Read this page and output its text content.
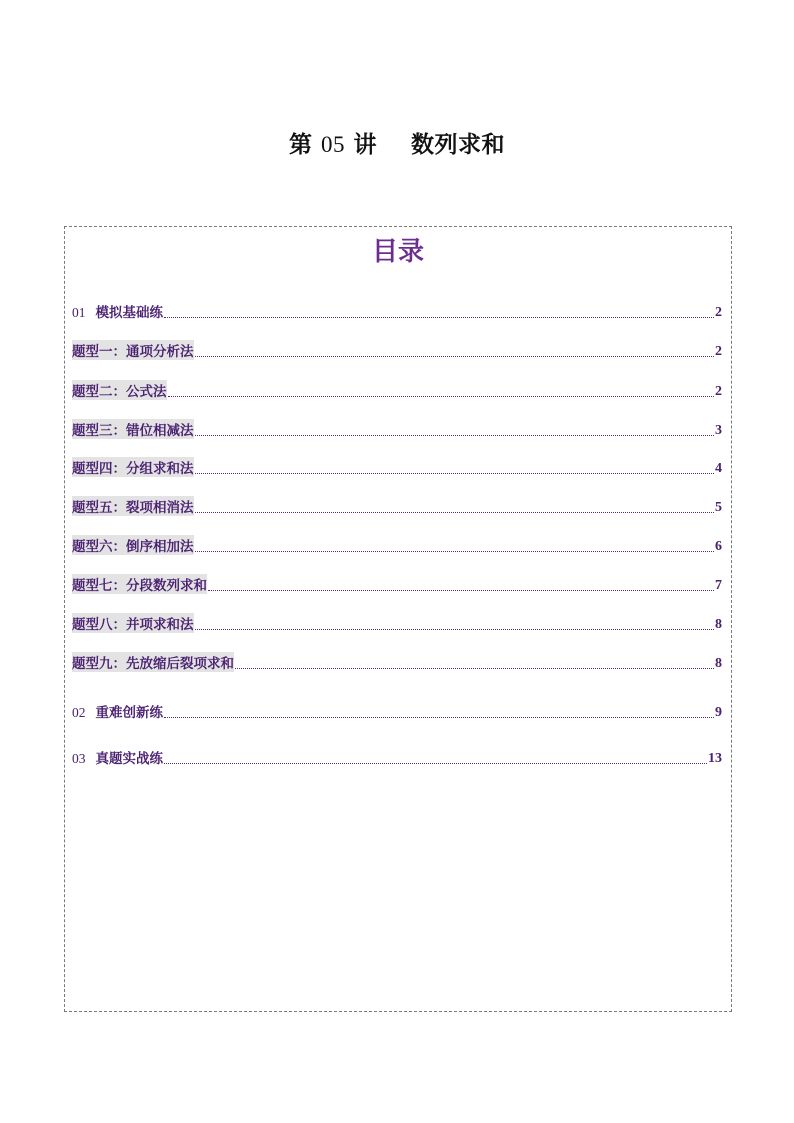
第 05 讲 数列求和
目录
01 模拟基础练	2
题型一：通项分析法	2
题型二：公式法	2
题型三：错位相减法	3
题型四：分组求和法	4
题型五：裂项相消法	5
题型六：倒序相加法	6
题型七：分段数列求和	7
题型八：并项求和法	8
题型九：先放缩后裂项求和	8
02 重难创新练	9
03 真题实战练	13
